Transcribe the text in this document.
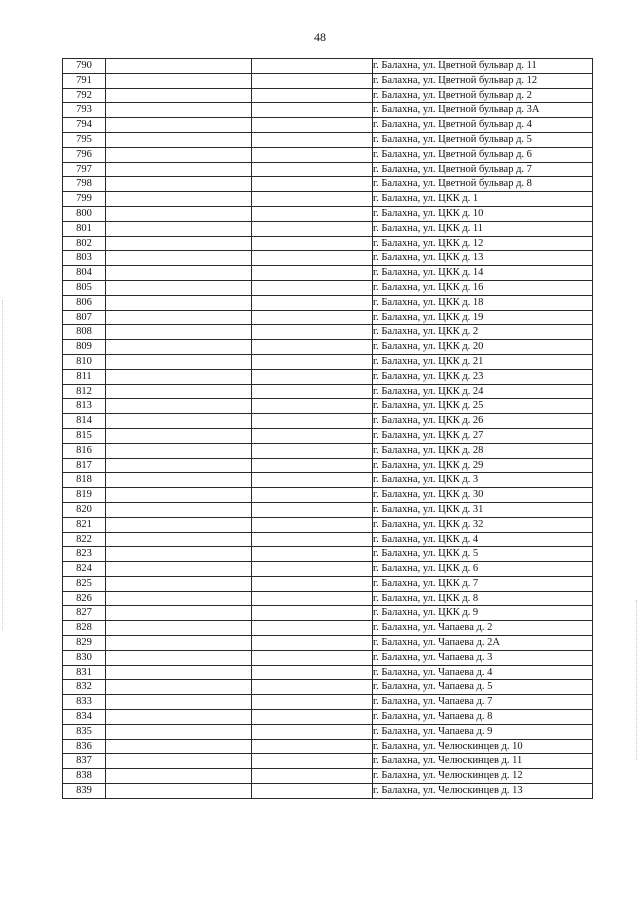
48
790			г. Балахна, ул. Цветной бульвар д. 11
791			г. Балахна, ул. Цветной бульвар д. 12
792			г. Балахна, ул. Цветной бульвар д. 2
793			г. Балахна, ул. Цветной бульвар д. 3А
794			г. Балахна, ул. Цветной бульвар д. 4
795			г. Балахна, ул. Цветной бульвар д. 5
796			г. Балахна, ул. Цветной бульвар д. 6
797			г. Балахна, ул. Цветной бульвар д. 7
798			г. Балахна, ул. Цветной бульвар д. 8
799			г. Балахна, ул. ЦКК д. 1
800			г. Балахна, ул. ЦКК д. 10
801			г. Балахна, ул. ЦКК д. 11
802			г. Балахна, ул. ЦКК д. 12
803			г. Балахна, ул. ЦКК д. 13
804			г. Балахна, ул. ЦКК д. 14
805			г. Балахна, ул. ЦКК д. 16
806			г. Балахна, ул. ЦКК д. 18
807			г. Балахна, ул. ЦКК д. 19
808			г. Балахна, ул. ЦКК д. 2
809			г. Балахна, ул. ЦКК д. 20
810			г. Балахна, ул. ЦКК д. 21
811			г. Балахна, ул. ЦКК д. 23
812			г. Балахна, ул. ЦКК д. 24
813			г. Балахна, ул. ЦКК д. 25
814			г. Балахна, ул. ЦКК д. 26
815			г. Балахна, ул. ЦКК д. 27
816			г. Балахна, ул. ЦКК д. 28
817			г. Балахна, ул. ЦКК д. 29
818			г. Балахна, ул. ЦКК д. 3
819			г. Балахна, ул. ЦКК д. 30
820			г. Балахна, ул. ЦКК д. 31
821			г. Балахна, ул. ЦКК д. 32
822			г. Балахна, ул. ЦКК д. 4
823			г. Балахна, ул. ЦКК д. 5
824			г. Балахна, ул. ЦКК д. 6
825			г. Балахна, ул. ЦКК д. 7
826			г. Балахна, ул. ЦКК д. 8
827			г. Балахна, ул. ЦКК д. 9
828			г. Балахна, ул. Чапаева д. 2
829			г. Балахна, ул. Чапаева д. 2А
830			г. Балахна, ул. Чапаева д. 3
831			г. Балахна, ул. Чапаева д. 4
832			г. Балахна, ул. Чапаева д. 5
833			г. Балахна, ул. Чапаева д. 7
834			г. Балахна, ул. Чапаева д. 8
835			г. Балахна, ул. Чапаева д. 9
836			г. Балахна, ул. Челюскинцев д. 10
837			г. Балахна, ул. Челюскинцев д. 11
838			г. Балахна, ул. Челюскинцев д. 12
839			г. Балахна, ул. Челюскинцев д. 13
